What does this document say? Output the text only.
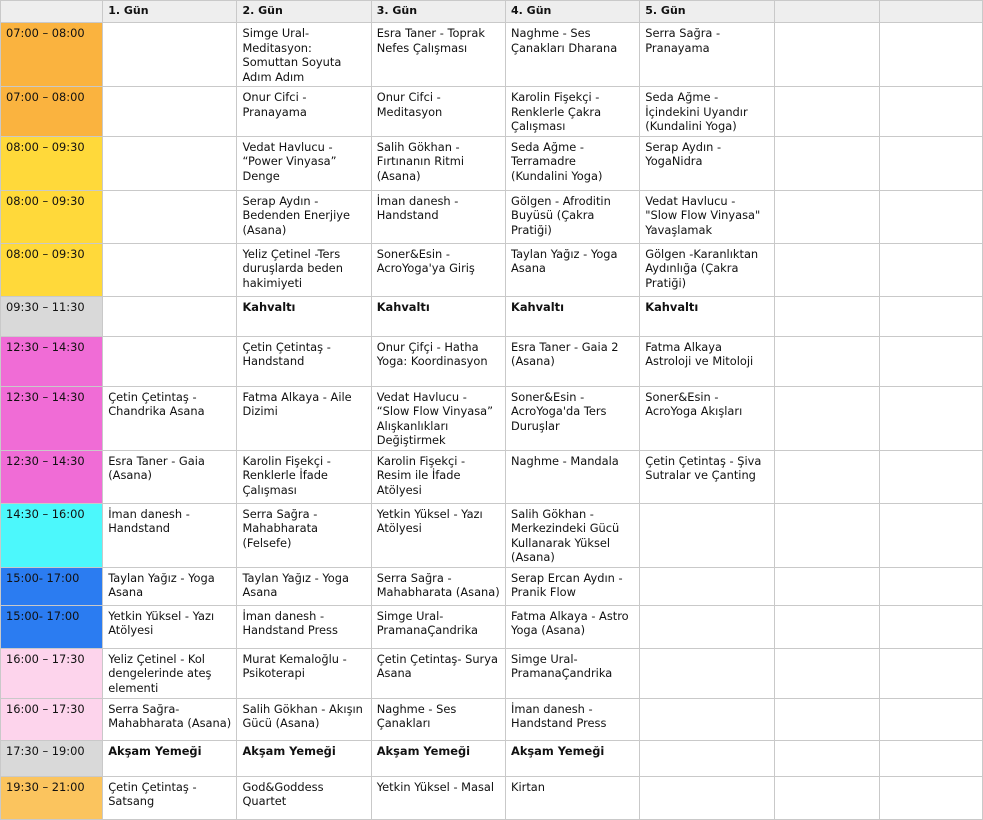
	1. Gün	2. Gün	3. Gün	4. Gün	5. Gün		
07:00 – 08:00		Simge Ural-Meditasyon: Somuttan Soyuta Adım Adım	Esra Taner - Toprak Nefes Çalışması	Naghme - Ses Çanakları Dharana	Serra Sağra - Pranayama		
07:00 – 08:00		Onur Cifci - Pranayama	Onur Cifci - Meditasyon	Karolin Fişekçi - Renklerle Çakra Çalışması	Seda Ağme - İçindekini Uyandır (Kundalini Yoga)		
08:00 – 09:30		Vedat Havlucu - “Power Vinyasa” Denge	Salih Gökhan - Fırtınanın Ritmi (Asana)	Seda Ağme - Terramadre (Kundalini Yoga)	Serap Aydın - YogaNidra		
08:00 – 09:30		Serap Aydın - Bedenden Enerjiye (Asana)	İman danesh - Handstand	Gölgen - Afroditin Buyüsü (Çakra Pratiği)	Vedat Havlucu - "Slow Flow Vinyasa" Yavaşlamak		
08:00 – 09:30		Yeliz Çetinel -Ters duruşlarda beden hakimiyeti	Soner&Esin - AcroYoga'ya Giriş	Taylan Yağız - Yoga Asana	Gölgen -Karanlıktan Aydınlığa (Çakra Pratiği)		
09:30 – 11:30		Kahvaltı	Kahvaltı	Kahvaltı	Kahvaltı		
12:30 – 14:30		Çetin Çetintaş - Handstand	Onur Çifçi - Hatha Yoga: Koordinasyon	Esra Taner - Gaia 2 (Asana)	Fatma Alkaya Astroloji ve Mitoloji		
12:30 – 14:30	Çetin Çetintaş - Chandrika Asana	Fatma Alkaya - Aile Dizimi	Vedat Havlucu - “Slow Flow Vinyasa” Alışkanlıkları Değiştirmek	Soner&Esin - AcroYoga'da Ters Duruşlar	Soner&Esin - AcroYoga Akışları		
12:30 – 14:30	Esra Taner - Gaia (Asana)	Karolin Fişekçi - Renklerle İfade Çalışması	Karolin Fişekçi - Resim ile İfade Atölyesi	Naghme - Mandala	Çetin Çetintaş - Şiva Sutralar ve Çanting		
14:30 – 16:00	İman danesh - Handstand	Serra Sağra - Mahabharata (Felsefe)	Yetkin Yüksel - Yazı Atölyesi	Salih Gökhan - Merkezindeki Gücü Kullanarak Yüksel (Asana)			
15:00- 17:00	Taylan Yağız - Yoga Asana	Taylan Yağız - Yoga Asana	Serra Sağra - Mahabharata (Asana)	Serap Ercan Aydın - Pranik Flow			
15:00- 17:00	Yetkin Yüksel - Yazı Atölyesi	İman danesh - Handstand Press	Simge Ural-PramanaÇandrika	Fatma Alkaya - Astro Yoga (Asana)			
16:00 – 17:30	Yeliz Çetinel - Kol dengelerinde ateş elementi	Murat Kemaloğlu - Psikoterapi	Çetin Çetintaş- Surya Asana	Simge Ural-PramanaÇandrika			
16:00 – 17:30	Serra Sağra-Mahabharata (Asana)	Salih Gökhan - Akışın Gücü (Asana)	Naghme - Ses Çanakları	İman danesh - Handstand Press			
17:30 – 19:00	Akşam Yemeği	Akşam Yemeği	Akşam Yemeği	Akşam Yemeği			
19:30 – 21:00	Çetin Çetintaş - Satsang	God&Goddess Quartet	Yetkin Yüksel - Masal	Kirtan			
